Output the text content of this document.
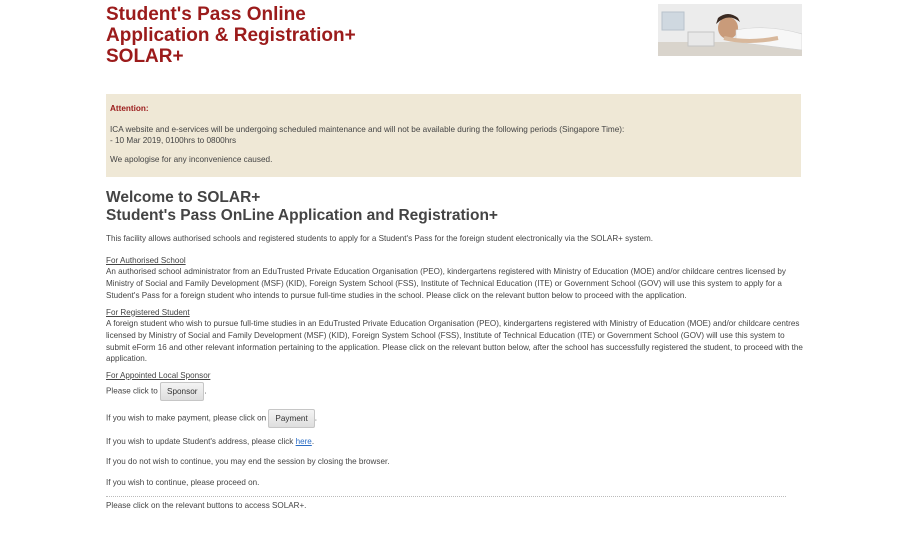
Student's Pass Online
Application & Registration+
SOLAR+

Attention:

ICA website and e-services will be undergoing scheduled maintenance and will not be available during the following periods (Singapore Time):

- 10 Mar 2019, 0100hrs to 0800hrs

We apologise for any inconvenience caused.

Welcome to SOLAR+
Student's Pass OnLine Application and Registration+

This facility allows authorised schools and registered students to apply for a Student's Pass for the foreign student electronically via the SOLAR+ system.

For Authorised School

An authorised school administrator from an EduTrusted Private Education Organisation (PEO), kindergartens registered with Ministry of Education (MOE) and/or childcare centres licensed by Ministry of Social and Family Development (MSF) (KID), Foreign System School (FSS), Institute of Technical Education (ITE) or Government School (GOV) will use this system to apply for a Student's Pass for a foreign student who intends to pursue full-time studies in the school. Please click on the relevant button below to proceed with the application.

For Registered Student

A foreign student who wish to pursue full-time studies in an EduTrusted Private Education Organisation (PEO), kindergartens registered with Ministry of Education (MOE) and/or childcare centres licensed by Ministry of Social and Family Development (MSF) (KID), Foreign System School (FSS), Institute of Technical Education (ITE) or Government School (GOV) will use this system to submit eForm 16 and other relevant information pertaining to the application. Please click on the relevant button below, after the school has successfully registered the student, to proceed with the application.

For Appointed Local Sponsor

Please click to Sponsor .

If you wish to make payment, please click on Payment .

If you wish to update Student's address, please click here.

If you do not wish to continue, you may end the session by closing the browser.

If you wish to continue, please proceed on.

Please click on the relevant buttons to access SOLAR+.
